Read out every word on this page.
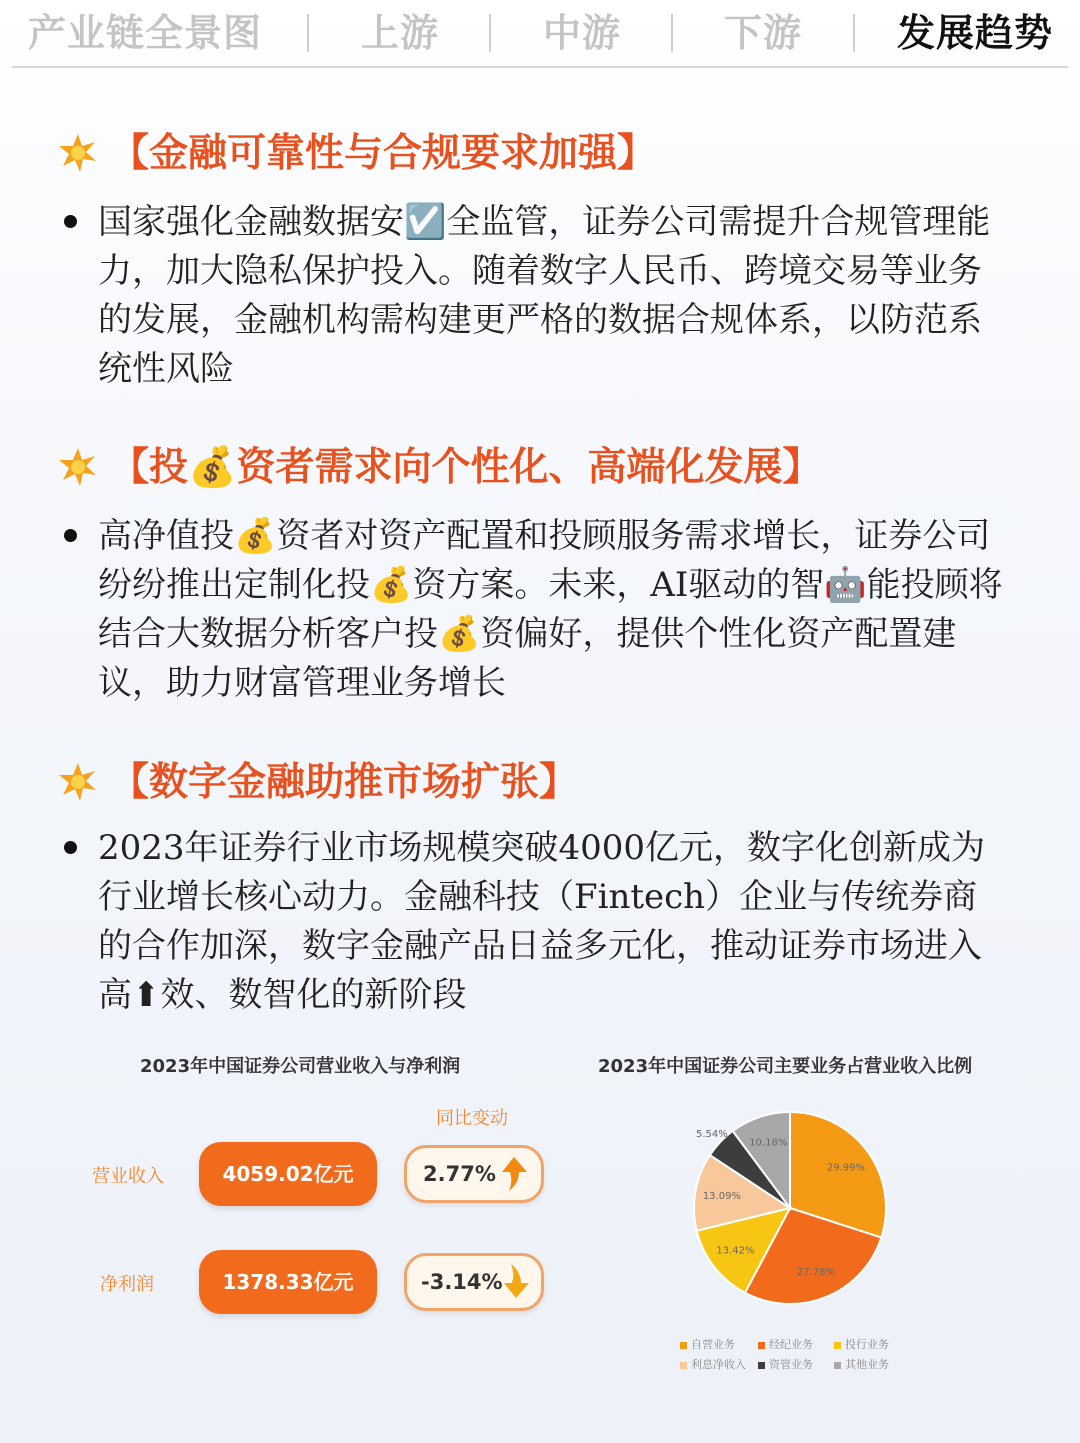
产业链全景图	上游	中游	下游	发展趋势
【金融可靠性与合规要求加强】
国家强化金融数据安☑️全监管，证券公司需提升合规管理能力，加大隐私保护投入。随着数字人民币、跨境交易等业务的发展，金融机构需构建更严格的数据合规体系，以防范系统性风险
【投💰资者需求向个性化、高端化发展】
高净值投💰资者对资产配置和投顾服务需求增长，证券公司纷纷推出定制化投💰资方案。未来，AI驱动的智🤖能投顾将结合大数据分析客户投💰资偏好，提供个性化资产配置建议，助力财富管理业务增长
【数字金融助推市场扩张】
2023年证券行业市场规模突破4000亿元，数字化创新成为行业增长核心动力。金融科技（Fintech）企业与传统券商的合作加深，数字金融产品日益多元化，推动证券市场进入高⬆效、数智化的新阶段
2023年中国证券公司营业收入与净利润
同比变动
营业收入	4059.02亿元	2.77%
净利润	1378.33亿元	-3.14%
2023年中国证券公司主要业务占营业收入比例
29.99%
27.78%
13.42%
13.09%
5.54%
10.18%
自营业务	经纪业务	投行业务
利息净收入	资管业务	其他业务
